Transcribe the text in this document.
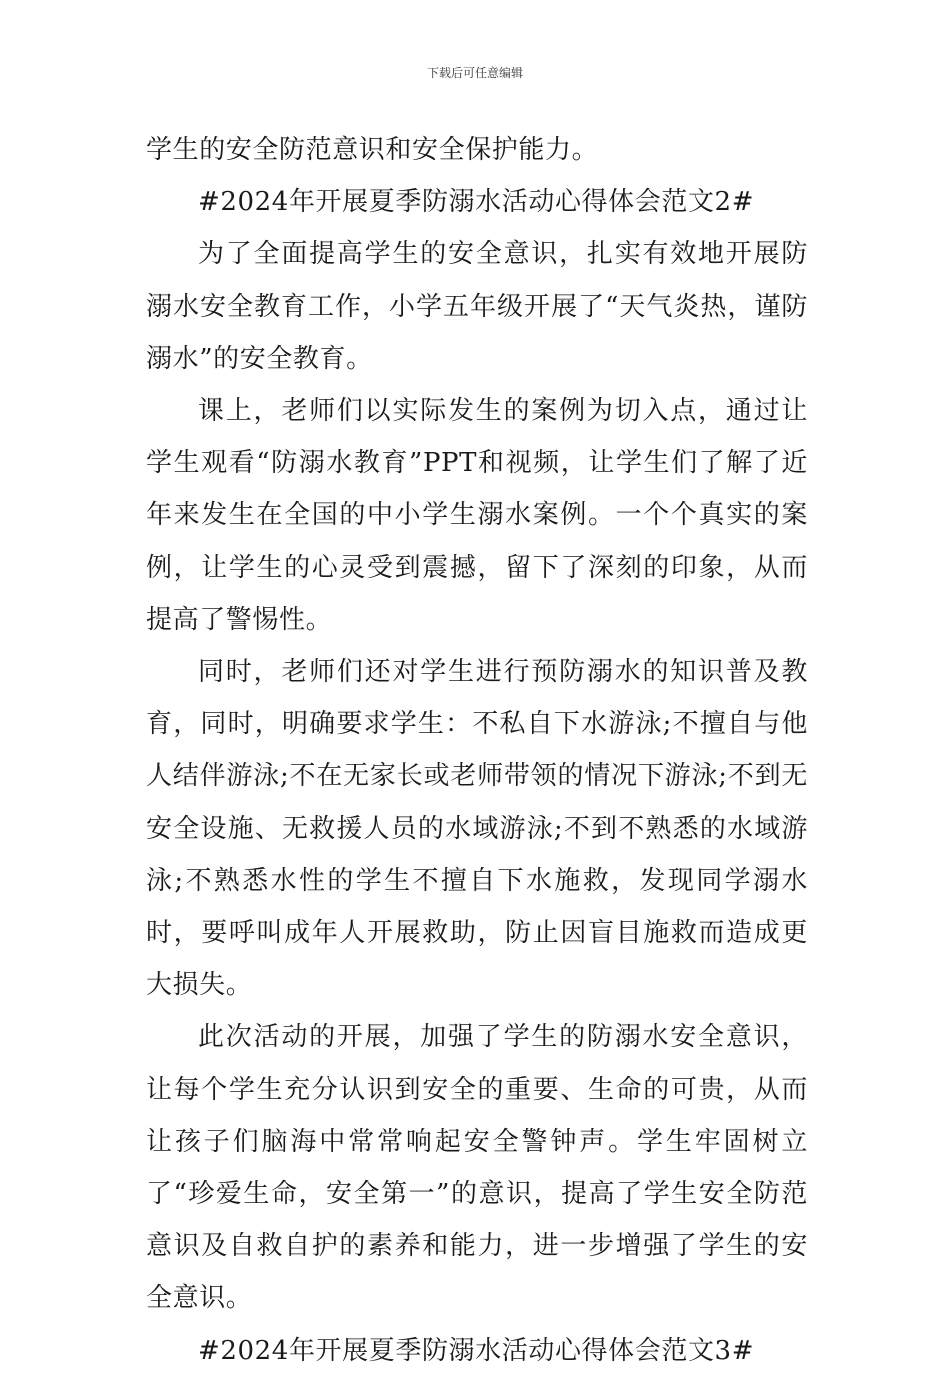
下载后可任意编辑

学生的安全防范意识和安全保护能力。

#2024年开展夏季防溺水活动心得体会范文2#

为了全面提高学生的安全意识，扎实有效地开展防溺水安全教育工作，小学五年级开展了“天气炎热，谨防溺水”的安全教育。

课上，老师们以实际发生的案例为切入点，通过让学生观看“防溺水教育”PPT和视频，让学生们了解了近年来发生在全国的中小学生溺水案例。一个个真实的案例，让学生的心灵受到震撼，留下了深刻的印象，从而提高了警惕性。

同时，老师们还对学生进行预防溺水的知识普及教育，同时，明确要求学生：不私自下水游泳;不擅自与他人结伴游泳;不在无家长或老师带领的情况下游泳;不到无安全设施、无救援人员的水域游泳;不到不熟悉的水域游泳;不熟悉水性的学生不擅自下水施救，发现同学溺水时，要呼叫成年人开展救助，防止因盲目施救而造成更大损失。

此次活动的开展，加强了学生的防溺水安全意识，让每个学生充分认识到安全的重要、生命的可贵，从而让孩子们脑海中常常响起安全警钟声。学生牢固树立了“珍爱生命，安全第一”的意识，提高了学生安全防范意识及自救自护的素养和能力，进一步增强了学生的安全意识。

#2024年开展夏季防溺水活动心得体会范文3#
